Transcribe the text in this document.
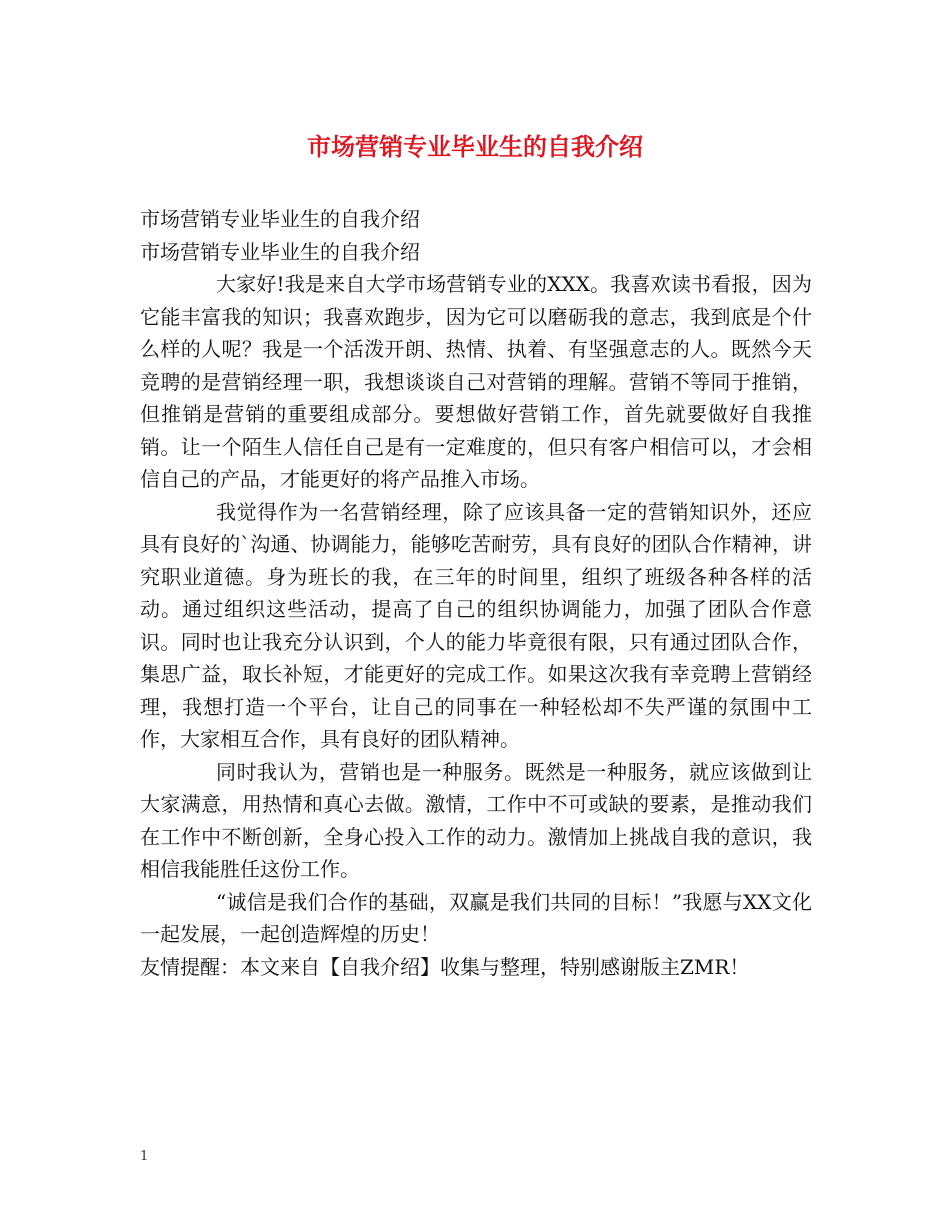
市场营销专业毕业生的自我介绍

市场营销专业毕业生的自我介绍

市场营销专业毕业生的自我介绍

大家好!我是来自大学市场营销专业的XXX。我喜欢读书看报，因为它能丰富我的知识；我喜欢跑步，因为它可以磨砺我的意志，我到底是个什么样的人呢？我是一个活泼开朗、热情、执着、有坚强意志的人。既然今天竞聘的是营销经理一职，我想谈谈自己对营销的理解。营销不等同于推销，但推销是营销的重要组成部分。要想做好营销工作，首先就要做好自我推销。让一个陌生人信任自己是有一定难度的，但只有客户相信可以，才会相信自己的产品，才能更好的将产品推入市场。

我觉得作为一名营销经理，除了应该具备一定的营销知识外，还应具有良好的`沟通、协调能力，能够吃苦耐劳，具有良好的团队合作精神，讲究职业道德。身为班长的我，在三年的时间里，组织了班级各种各样的活动。通过组织这些活动，提高了自己的组织协调能力，加强了团队合作意识。同时也让我充分认识到，个人的能力毕竟很有限，只有通过团队合作，集思广益，取长补短，才能更好的完成工作。如果这次我有幸竞聘上营销经理，我想打造一个平台，让自己的同事在一种轻松却不失严谨的氛围中工作，大家相互合作，具有良好的团队精神。

同时我认为，营销也是一种服务。既然是一种服务，就应该做到让大家满意，用热情和真心去做。激情，工作中不可或缺的要素，是推动我们在工作中不断创新，全身心投入工作的动力。激情加上挑战自我的意识，我相信我能胜任这份工作。

“诚信是我们合作的基础，双赢是我们共同的目标！”我愿与XX文化一起发展，一起创造辉煌的历史！

友情提醒：本文来自【自我介绍】收集与整理，特别感谢版主ZMR！

1
